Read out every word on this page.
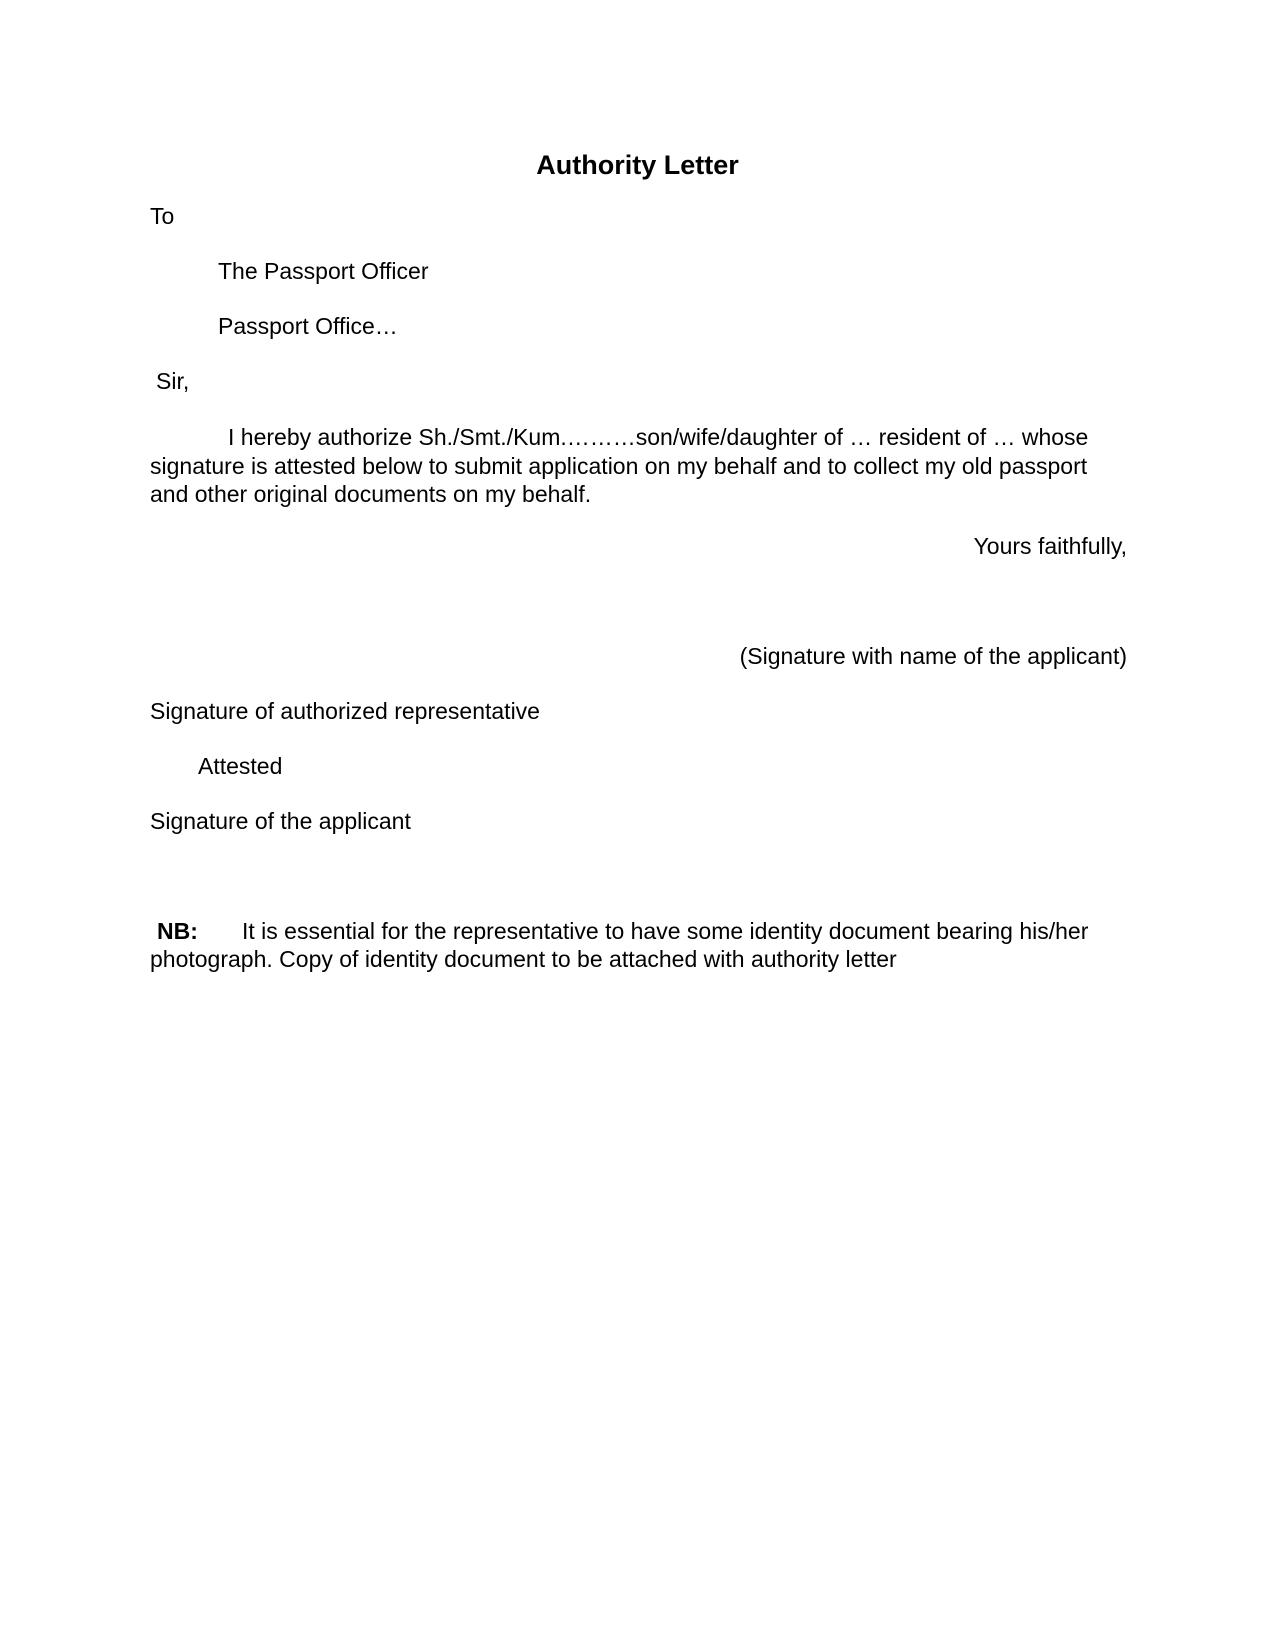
Authority Letter
To
The Passport Officer
Passport Office…
Sir,
I hereby authorize Sh./Smt./Kum.………son/wife/daughter of … resident of … whose signature is attested below to submit application on my behalf and to collect my old passport and other original documents on my behalf.
Yours faithfully,
(Signature with name of the applicant)
Signature of authorized representative
Attested
Signature of the applicant
NB: It is essential for the representative to have some identity document bearing his/her photograph. Copy of identity document to be attached with authority letter
